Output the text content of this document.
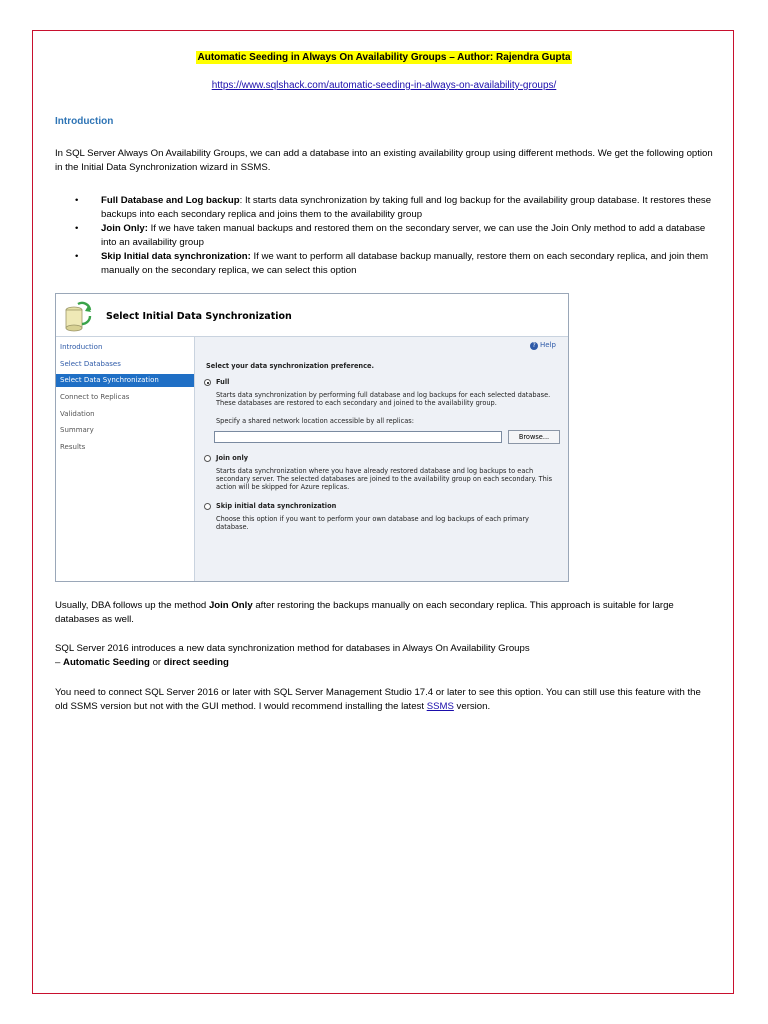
Automatic Seeding in Always On Availability Groups – Author: Rajendra Gupta
https://www.sqlshack.com/automatic-seeding-in-always-on-availability-groups/
Introduction
In SQL Server Always On Availability Groups, we can add a database into an existing availability group using different methods. We get the following option in the Initial Data Synchronization wizard in SSMS.
• Full Database and Log backup: It starts data synchronization by taking full and log backup for the availability group database. It restores these backups into each secondary replica and joins them to the availability group
• Join Only: If we have taken manual backups and restored them on the secondary server, we can use the Join Only method to add a database into an availability group
• Skip Initial data synchronization: If we want to perform all database backup manually, restore them on each secondary replica, and join them manually on the secondary replica, we can select this option
Select Initial Data Synchronization
Introduction
Select Databases
Select Data Synchronization
Connect to Replicas
Validation
Summary
Results
? Help
Select your data synchronization preference.
Full
Starts data synchronization by performing full database and log backups for each selected database.
These databases are restored to each secondary and joined to the availability group.
Specify a shared network location accessible by all replicas:
Browse...
Join only
Starts data synchronization where you have already restored database and log backups to each
secondary server. The selected databases are joined to the availability group on each secondary. This
action will be skipped for Azure replicas.
Skip initial data synchronization
Choose this option if you want to perform your own database and log backups of each primary
database.
Usually, DBA follows up the method Join Only after restoring the backups manually on each secondary replica. This approach is suitable for large databases as well.
SQL Server 2016 introduces a new data synchronization method for databases in Always On Availability Groups
– Automatic Seeding or direct seeding
You need to connect SQL Server 2016 or later with SQL Server Management Studio 17.4 or later to see this option. You can still use this feature with the old SSMS version but not with the GUI method. I would recommend installing the latest SSMS version.
